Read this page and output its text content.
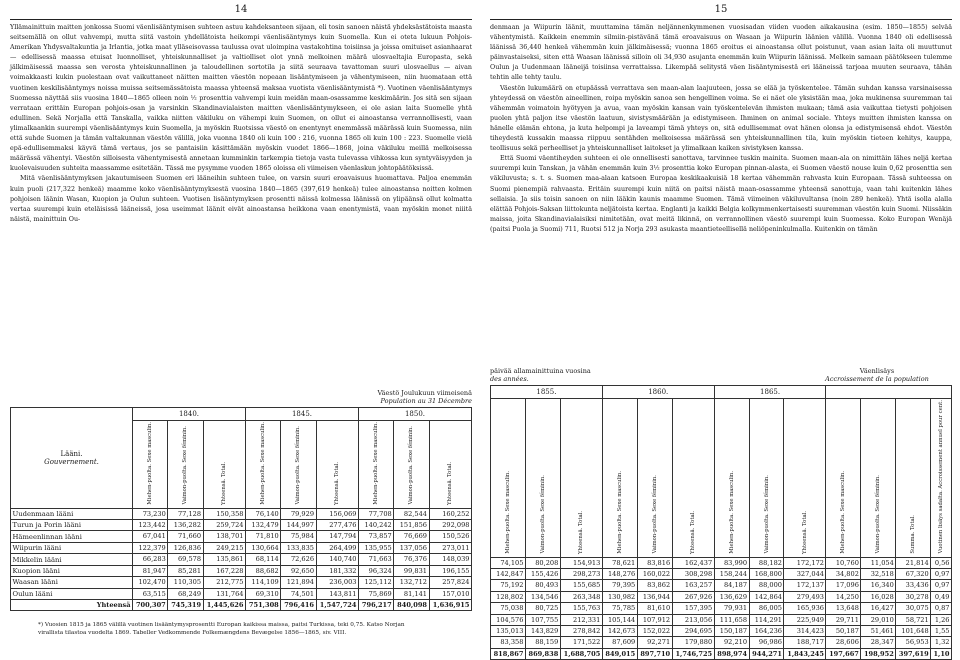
14

Yllämainittuin maitten jonkossa Suomi väenlisääntymisen suhteen astuu kahdeksanteen sijaan, eli tosin sanoen näistä yhdeksästätoista maasta seitsemällä on ollut vahvempi, mutta siitä vastoin yhdellätoista heikompi väenlisääntymys kuin Suomella. Kun ei oteta lukuun Pohjois-Amerikan Yhdysvaltakuntia ja Irlantia, jotka maat ylläseisovassa taulussa ovat uloimpina vastakohtina toisiinsa ja joissa omituiset asianhaarat — edellisessä maassa etuisat luonnolliset, yhteiskunnalliset ja valtiolliset olot ynnä melkoinen määrä ulosvaeltajia Europasta, sekä jälkimäisessä maassa sen verosta yhteiskunnallinen ja taloudellinen sortotila ja siitä seuraava tavattoman suuri ulosvaellus — aivan voimakkaasti kukin puolestaan ovat vaikuttaneet näitten maitten väestön nopeaan lisääntymiseen ja vähentymiseen, niin huomataan että vuotinen keskilisääntymys noissa muissa seitsemässätoista maassa yhteensä maksaa vuotista väenlisääntymistä *). Vuotinen väenlisääntymys Suomessa näyttää siis vuosina 1840—1865 olleen noin ½ prosenttia vahvempi kuin meidän maan-osassamme keskimäärin. Jos sitä sen sijaan verrataan erittäin Europan pohjois-osan ja varsinkin Skandinavialaisten maitten väenlisääntymykseen, ei ole asian laita Suomelle yhtä edullinen. Sekä Norjalla että Tanskalla, vaikka niitten väkiluku on vähempi kuin Suomen, on ollut ei ainoastansa verrannollisesti, vaan ylimalkaankin suurempi väenlisääntymys kuin Suomella, ja myöskin Ruotsissa väestö on enentynyt enemmässä määrässä kuin Suomessa, niin että suhde Suomen ja tämän valtakunnan väestön välillä, joka vuonna 1840 oli kuin 100 : 216, vuonna 1865 oli kuin 100 : 223. Suomelle vielä epä-edullisemmaksi käyvä tämä vertaus, jos se pantaisiin käsittämään myöskin vuodet 1866—1868, joina väkiluku meillä melkoisessa määrässä vähentyi. Väestön silloisesta vähentymisestä annetaan kumminkin tarkempia tietoja vasta tulevassa vihkossa kun syntyväisyyden ja kuolevaisuuden suhteita maassamme esitetään. Tässä me pysymme vuoden 1865 oloissa eli viimeisen väenlaskun johtopäätöksissä.

Mitä väenlisääntymyksen jakautumiseen Suomen eri lääneihin suhteen tulee, on varsin suuri eroavaisuus huomattava. Paljoa enemmän kuin puoli (217,322 henkeä) maamme koko väenlisääntymyksestä vuosina 1840—1865 (397,619 henkeä) tulee ainoastansa noitten kolmen pohjoisen läänin Wasan, Kuopion ja Oulun suhteen. Vuotisen lisääntymyksen prosentti näissä kolmessa läänissä on ylipäänsä ollut kolmatta vertaa suurempi kuin eteläisissä lääneissä, josa useimmat läänit eivät ainoastansa heikkona vaan enentymistä, vaan myöskin monet niiitä näistä, mainittuin Ou-

Väestö Joulukuun viimeisenä
Population au 31 Décembre
Lääni.
Gouvernement.	1840.			1845.			1850.		
	Miehen-puolta. Sexe masculin.	Vaimon-puolta. Sexe féminin.	Yhteensä. Total.	Miehen-puolta. Sexe masculin.	Vaimon-puolta. Sexe féminin.	Yhteensä. Total.	Miehen-puolta. Sexe masculin.	Vaimon-puolta. Sexe féminin.	Yhteensä. Total.
Uudenmaan lääni	73,230	77,128	150,358	76,140	79,929	156,069	77,708	82,544	160,252
Turun ja Porin lääni	123,442	136,282	259,724	132,479	144,997	277,476	140,242	151,856	292,098
Hämeenlinnan lääni	67,041	71,660	138,701	71,810	75,984	147,794	73,857	76,669	150,526
Wiipurin lääni	122,379	126,836	249,215	130,664	133,835	264,499	135,955	137,056	273,011
Mikkelin lääni	66,283	69,578	135,861	68,114	72,626	140,740	71,663	76,376	148,039
Kuopion lääni	81,947	85,281	167,228	88,682	92,650	181,332	96,324	99,831	196,155
Waasan lääni	102,470	110,305	212,775	114,109	121,894	236,003	125,112	132,712	257,824
Oulun lääni	63,515	68,249	131,764	69,310	74,501	143,811	75,869	81,141	157,010
Yhteensä	700,307	745,319	1,445,626	751,308	796,416	1,547,724	796,217	840,098	1,636,915
*) Vuosien 1815 ja 1865 välillä vuotinen lisääntymysprosentti Europan kaikissa maissa, paitsi Turkissa, teki 0,75. Katso Norjan
virallista tilastoa vuodelta 1869. Tabeller Vedkommende Folkemængdens Bevægelse 1856—1865, siv. VIII.
15

denmaan ja Wiipurin läänit, muuttamina tämän neljännenkymmenen vuosisadan viiden vuoden aikakausina (esim. 1850—1855) selvää vähentymistä. Kaikkein enemmin silmiin-pistävänä tämä eroavaisuus on Wasaan ja Wiipurin läänien välillä. Vuonna 1840 oli edellisessä läänissä 36,440 henkeä vähemmän kuin jälkimäisessä; vuonna 1865 eroitus ei ainoastansa ollut poistunut, vaan asian laita oli muuttunut päinvastaiseksi, siten että Waasan läänissä silloin oli 34,930 asujanta enemmän kuin Wiipurin läänissä. Melkein samaan päätökseen tulemme Oulun ja Uudenmaan lääneijä toisiinsa verrattaissa. Likempää selitystä väen lisääntymisestä eri lääneissä tarjoaa muuten seuraava, tähän tehtin alle tehty taulu.

Väestön lukumäärä on etupäässä verrattava sen maan-alan laajuuteen, jossa se elää ja työskentelee. Tämän suhdan kanssa varsinaisessa yhteydessä on väestön aineellinen, roipa myöskin sanoa sen hengellinen voima. Se ei näet ole yksistään maa, joka mukinensa suuremman tai vähemmän voimatoin hyötyyen ja avua, vaan myöskin kansan vain työskentelevän ihmisten mukaan; tämä asia vaikuttaa tietysti pohjoisen puolen yhtä paljon itse väestön laatuun, sivistysmäärään ja edistymiseen. Ihminen on animal sociale. Yhteys muitten ihmisten kanssa on hänelle elämän ehtona, ja kuta helpompi ja laveampi tämä yhteys on, sitä edullisemmat ovat hänen olonsa ja edistymisensä ehdot. Väestön tiheydestä kussakin maassa riippuu sentähden melkoisessa määrässä sen yhteiskunnallinen tila, kuin myöskin tieteen kehitys, kauppa, teollisuus sekä perheelliset ja yhteiskunnalliset laitokset ja ylimalkaan kaiken sivistyksen kanssa.

Että Suomi väentiheyden suhteen ei ole onnellisesti sanottava, tarvinnee tuskin mainita. Suomen maan-ala on nimittäin lähes neljä kertaa suurempi kuin Tanskan, ja vähän enemmän kuin 3½ prosenttia koko Europan pinnan-alasta, ei Suomen väestö nouse kuin 0,62 prosenttia sen väkiluvusta; s. t. s. Suomen maa-alaan katsoen Europaa keskikaakuisiä 18 kertaa vähemmän rahvasta kuin Europaan. Tässä suhteessa on Suomi pienempiä rahvaasta. Eritäin suurempi kuin niitä on paitsi näistä maan-osassamme yhteensä sanottuja, vaan tahi kuitenkin lähes sellaisia. Ja siis toisin sanoen on niin lääkin kaunis maamme Suomen. Tämä viimeinen väkiluvultansa (noin 289 henkeä). Yhtä isolla alalla elättää Pohjois-Saksan liittokunta neljätoista kertaa. Englanti ja kaikki Belgia kolkymmenkertaisesti suuremman väestön kuin Suomi. Niissäkin maissa, joita Skandinavialaisiksi nimitetään, ovat meitä likinnä, on verrannollinen väestö suurempi kuin Suomessa. Koko Europan Wenäjä (paitsi Puola ja Suomi) 711, Ruotsi 512 ja Norja 293 asukasta maantieteellisellä neliöpeninkulmalla. Kuitenkin on tämän

päivää allamainittuina vuosina
des années.
Väenlisäys
Accroissement de la population
1855.			1860.			1865.						
Miehen-puolta. Sexe masculin.	Vaimon-puolta. Sexe féminin.	Yhteensä. Total.	Miehen-puolta. Sexe masculin.	Vaimon-puolta. Sexe féminin.	Yhteensä. Total.	Miehen-puolta. Sexe masculin.	Vaimon-puolta. Sexe féminin.	Yhteensä. Total.	Miehen-puolta. Sexe masculin.	Vaimon-puolta. Sexe féminin.	Summa. Total.	Vuotinen lisäys sadalta. Accroissement annuel pour cent.
74,105	80,208	154,913	78,621	83,816	162,437	83,990	88,182	172,172	10,760	11,054	21,814	0,56
142,847	155,426	298,273	148,276	160,022	308,298	158,244	168,800	327,044	34,802	32,518	67,320	0,97
75,192	80,493	155,685	79,395	83,862	163,257	84,187	88,000	172,137	17,096	16,340	33,436	0,97
128,802	134,546	263,348	130,982	136,944	267,926	136,629	142,864	279,493	14,250	16,028	30,278	0,49
75,038	80,725	155,763	75,785	81,610	157,395	79,931	86,005	165,936	13,648	16,427	30,075	0,87
104,576	107,755	212,331	105,144	107,912	213,056	111,658	114,291	225,949	29,711	29,010	58,721	1,26
135,013	143,829	278,842	142,673	152,022	294,695	150,187	164,236	314,423	50,187	51,461	101,648	1,55
83,358	88,159	171,522	87,609	92,271	179,880	92,210	96,986	188,717	28,606	28,347	56,953	1,32
818,867	869,838	1,688,705	849,015	897,710	1,746,725	898,974	944,271	1,843,245	197,667	198,952	397,619	1,10
